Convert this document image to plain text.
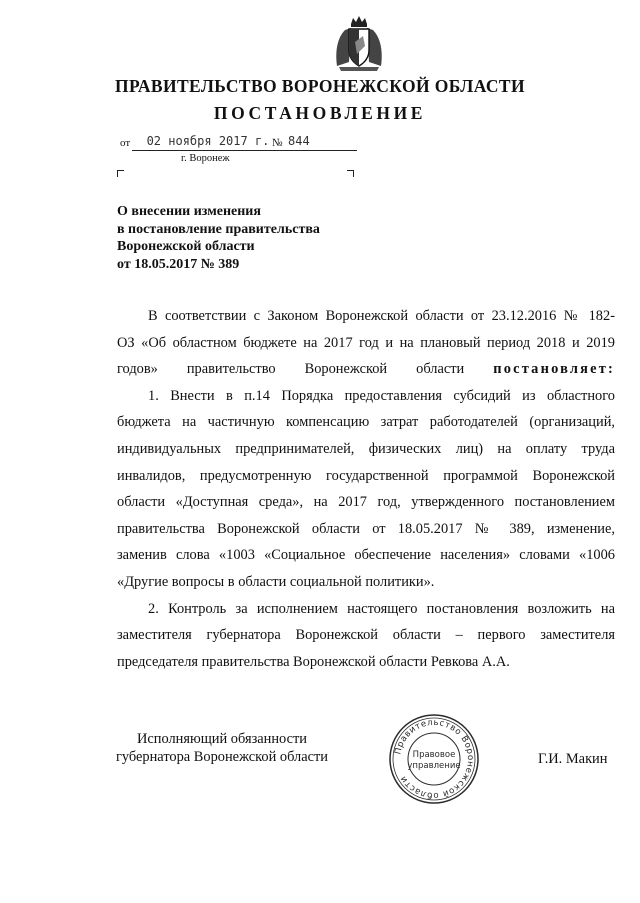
ПРАВИТЕЛЬСТВО ВОРОНЕЖСКОЙ ОБЛАСТИ
ПОСТАНОВЛЕНИЕ
от	02 ноября 2017 г. № 844
г. Воронеж
О внесении изменения
в постановление правительства
Воронежской области
от 18.05.2017 № 389
В соответствии с Законом Воронежской области от 23.12.2016 № 182-
ОЗ «Об областном бюджете на 2017 год и на плановый период 2018 и 2019
годов» правительство Воронежской области постановляет:
1. Внести в п.14 Порядка предоставления субсидий из областного
бюджета на частичную компенсацию затрат работодателей (организаций,
индивидуальных предпринимателей, физических лиц) на оплату труда
инвалидов, предусмотренную государственной программой Воронежской
области «Доступная среда», на 2017 год, утвержденного постановлением
правительства Воронежской области от 18.05.2017 № 389, изменение,
заменив слова «1003 «Социальное обеспечение населения» словами «1006
«Другие вопросы в области социальной политики».
2. Контроль за исполнением настоящего постановления возложить на
заместителя губернатора Воронежской области – первого заместителя
председателя правительства Воронежской области Ревкова А.А.
Исполняющий обязанности
губернатора Воронежской области	Правительство Воронежской области
Правовое
управление	Г.И. Макин
